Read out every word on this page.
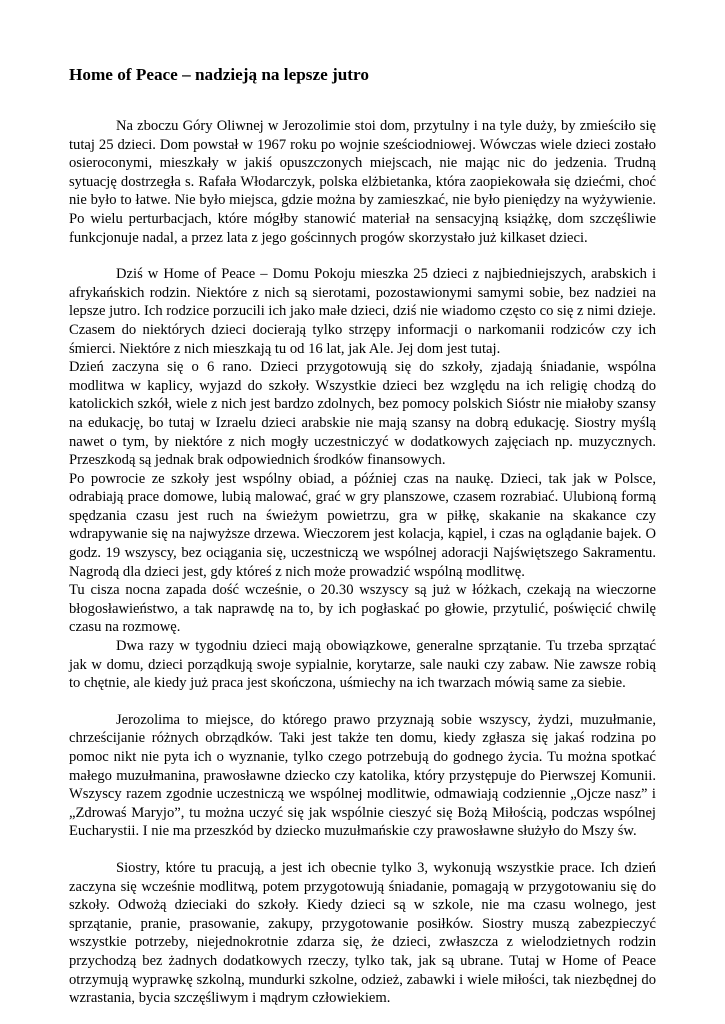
Home of Peace – nadzieją na lepsze jutro

Na zboczu Góry Oliwnej w Jerozolimie stoi dom, przytulny i na tyle duży, by zmieściło się tutaj 25 dzieci. Dom powstał w 1967 roku po wojnie sześciodniowej. Wówczas wiele dzieci zostało osieroconymi, mieszkały w jakiś opuszczonych miejscach, nie mając nic do jedzenia. Trudną sytuację dostrzegła s. Rafała Włodarczyk, polska elżbietanka, która zaopiekowała się dziećmi, choć nie było to łatwe. Nie było miejsca, gdzie można by zamieszkać, nie było pieniędzy na wyżywienie. Po wielu perturbacjach, które mógłby stanowić materiał na sensacyjną książkę, dom szczęśliwie funkcjonuje nadal, a przez lata z jego gościnnych progów skorzystało już kilkaset dzieci.

Dziś w Home of Peace – Domu Pokoju mieszka 25 dzieci z najbiedniejszych, arabskich i afrykańskich rodzin. Niektóre z nich są sierotami, pozostawionymi samymi sobie, bez nadziei na lepsze jutro. Ich rodzice porzucili ich jako małe dzieci, dziś nie wiadomo często co się z nimi dzieje. Czasem do niektórych dzieci docierają tylko strzępy informacji o narkomanii rodziców czy ich śmierci. Niektóre z nich mieszkają tu od 16 lat, jak Ale. Jej dom jest tutaj.

Dzień zaczyna się o 6 rano. Dzieci przygotowują się do szkoły, zjadają śniadanie, wspólna modlitwa w kaplicy, wyjazd do szkoły. Wszystkie dzieci bez względu na ich religię chodzą do katolickich szkół, wiele z nich jest bardzo zdolnych, bez pomocy polskich Sióstr nie miałoby szansy na edukację, bo tutaj w Izraelu dzieci arabskie nie mają szansy na dobrą edukację. Siostry myślą nawet o tym, by niektóre z nich mogły uczestniczyć w dodatkowych zajęciach np. muzycznych. Przeszkodą są jednak brak odpowiednich środków finansowych.

Po powrocie ze szkoły jest wspólny obiad, a później czas na naukę. Dzieci, tak jak w Polsce, odrabiają prace domowe, lubią malować, grać w gry planszowe, czasem rozrabiać. Ulubioną formą spędzania czasu jest ruch na świeżym powietrzu, gra w piłkę, skakanie na skakance czy wdrapywanie się na najwyższe drzewa. Wieczorem jest kolacja, kąpiel, i czas na oglądanie bajek. O godz. 19 wszyscy, bez ociągania się, uczestniczą we wspólnej adoracji Najświętszego Sakramentu. Nagrodą dla dzieci jest, gdy któreś z nich może prowadzić wspólną modlitwę.

Tu cisza nocna zapada dość wcześnie, o 20.30 wszyscy są już w łóżkach, czekają na wieczorne błogosławieństwo, a tak naprawdę na to, by ich pogłaskać po głowie, przytulić, poświęcić chwilę czasu na rozmowę.

Dwa razy w tygodniu dzieci mają obowiązkowe, generalne sprzątanie. Tu trzeba sprzątać jak w domu, dzieci porządkują swoje sypialnie, korytarze, sale nauki czy zabaw. Nie zawsze robią to chętnie, ale kiedy już praca jest skończona, uśmiechy na ich twarzach mówią same za siebie.

Jerozolima to miejsce, do którego prawo przyznają sobie wszyscy, żydzi, muzułmanie, chrześcijanie różnych obrządków. Taki jest także ten domu, kiedy zgłasza się jakaś rodzina po pomoc nikt nie pyta ich o wyznanie, tylko czego potrzebują do godnego życia. Tu można spotkać małego muzułmanina, prawosławne dziecko czy katolika, który przystępuje do Pierwszej Komunii. Wszyscy razem zgodnie uczestniczą we wspólnej modlitwie, odmawiają codziennie „Ojcze nasz” i „Zdrowaś Maryjo”, tu można uczyć się jak wspólnie cieszyć się Bożą Miłością, podczas wspólnej Eucharystii. I nie ma przeszkód by dziecko muzułmańskie czy prawosławne służyło do Mszy św.

Siostry, które tu pracują, a jest ich obecnie tylko 3, wykonują wszystkie prace. Ich dzień zaczyna się wcześnie modlitwą, potem przygotowują śniadanie, pomagają w przygotowaniu się do szkoły. Odwożą dzieciaki do szkoły. Kiedy dzieci są w szkole, nie ma czasu wolnego, jest sprzątanie, pranie, prasowanie, zakupy, przygotowanie posiłków. Siostry muszą zabezpieczyć wszystkie potrzeby, niejednokrotnie zdarza się, że dzieci, zwłaszcza z wielodzietnych rodzin przychodzą bez żadnych dodatkowych rzeczy, tylko tak, jak są ubrane. Tutaj w Home of Peace otrzymują wyprawkę szkolną, mundurki szkolne, odzież, zabawki i wiele miłości, tak niezbędnej do wzrastania, bycia szczęśliwym i mądrym człowiekiem.
